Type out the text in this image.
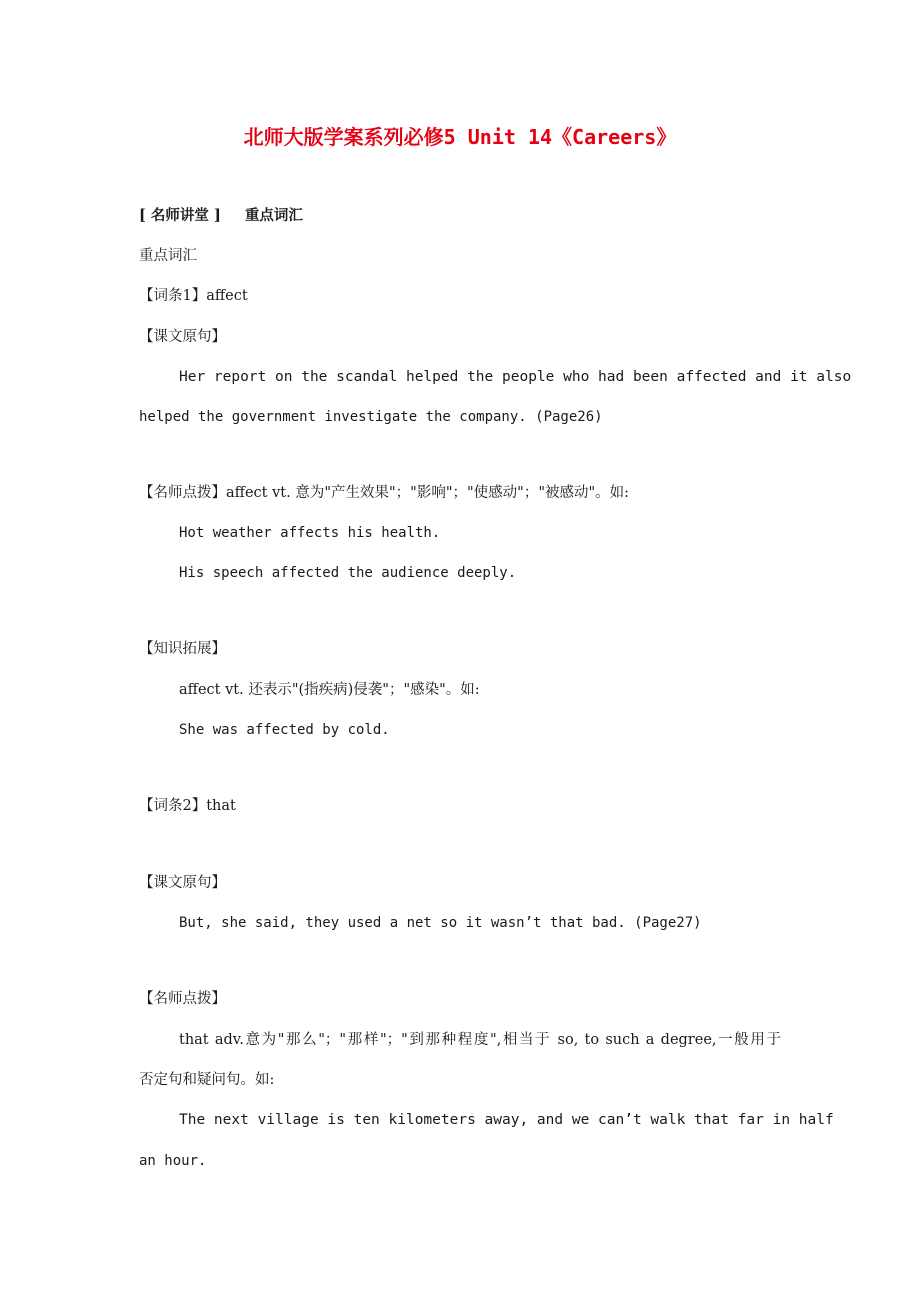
北师大版学案系列必修5 Unit 14《Careers》
[ 名师讲堂 ] 重点词汇
重点词汇
【词条1】affect
【课文原句】
Her report on the scandal helped the people who had been affected and it also
helped the government investigate the company. (Page26)
【名师点拨】affect vt. 意为"产生效果"；"影响"；"使感动"；"被感动"。如:
Hot weather affects his health.
His speech affected the audience deeply.
【知识拓展】
affect vt. 还表示"(指疾病)侵袭"；"感染"。如:
She was affected by cold.
【词条2】that
【课文原句】
But, she said, they used a net so it wasn’t that bad. (Page27)
【名师点拨】
that adv.意为"那么"；"那样"；"到那种程度",相当于 so, to such a degree,一般用于
否定句和疑问句。如:
The next village is ten kilometers away, and we can’t walk that far in half
an hour.
